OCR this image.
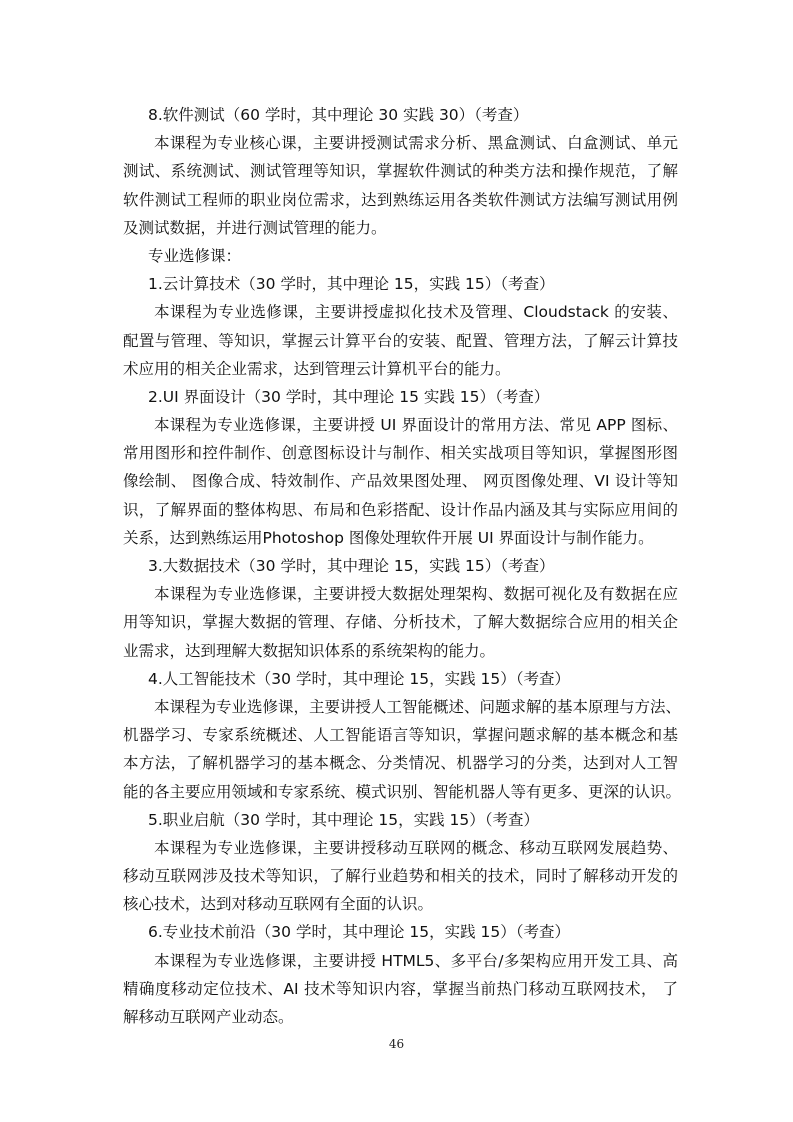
8.软件测试（60 学时，其中理论 30 实践 30）（考查）
本课程为专业核心课，主要讲授测试需求分析、黑盒测试、白盒测试、单元
测试、系统测试、测试管理等知识，掌握软件测试的种类方法和操作规范，了解
软件测试工程师的职业岗位需求，达到熟练运用各类软件测试方法编写测试用例
及测试数据，并进行测试管理的能力。
专业选修课：
1.云计算技术（30 学时，其中理论 15，实践 15）（考查）
本课程为专业选修课，主要讲授虚拟化技术及管理、Cloudstack 的安装、
配置与管理、等知识，掌握云计算平台的安装、配置、管理方法，了解云计算技
术应用的相关企业需求，达到管理云计算机平台的能力。
2.UI 界面设计（30 学时，其中理论 15 实践 15）（考查）
本课程为专业选修课，主要讲授 UI 界面设计的常用方法、常见 APP 图标、
常用图形和控件制作、创意图标设计与制作、相关实战项目等知识，掌握图形图
像绘制、 图像合成、特效制作、产品效果图处理、 网页图像处理、VI 设计等知
识，了解界面的整体构思、布局和色彩搭配、设计作品内涵及其与实际应用间的
关系，达到熟练运用Photoshop 图像处理软件开展 UI 界面设计与制作能力。
3.大数据技术（30 学时，其中理论 15，实践 15）（考查）
本课程为专业选修课，主要讲授大数据处理架构、数据可视化及有数据在应
用等知识，掌握大数据的管理、存储、分析技术，了解大数据综合应用的相关企
业需求，达到理解大数据知识体系的系统架构的能力。
4.人工智能技术（30 学时，其中理论 15，实践 15）（考查）
本课程为专业选修课，主要讲授人工智能概述、问题求解的基本原理与方法、
机器学习、专家系统概述、人工智能语言等知识，掌握问题求解的基本概念和基
本方法，了解机器学习的基本概念、分类情况、机器学习的分类，达到对人工智
能的各主要应用领域和专家系统、模式识别、智能机器人等有更多、更深的认识。
5.职业启航（30 学时，其中理论 15，实践 15）（考查）
本课程为专业选修课，主要讲授移动互联网的概念、移动互联网发展趋势、
移动互联网涉及技术等知识，了解行业趋势和相关的技术，同时了解移动开发的
核心技术，达到对移动互联网有全面的认识。
6.专业技术前沿（30 学时，其中理论 15，实践 15）（考查）
本课程为专业选修课，主要讲授 HTML5、多平台/多架构应用开发工具、高
精确度移动定位技术、AI 技术等知识内容，掌握当前热门移动互联网技术， 了
解移动互联网产业动态。
46
